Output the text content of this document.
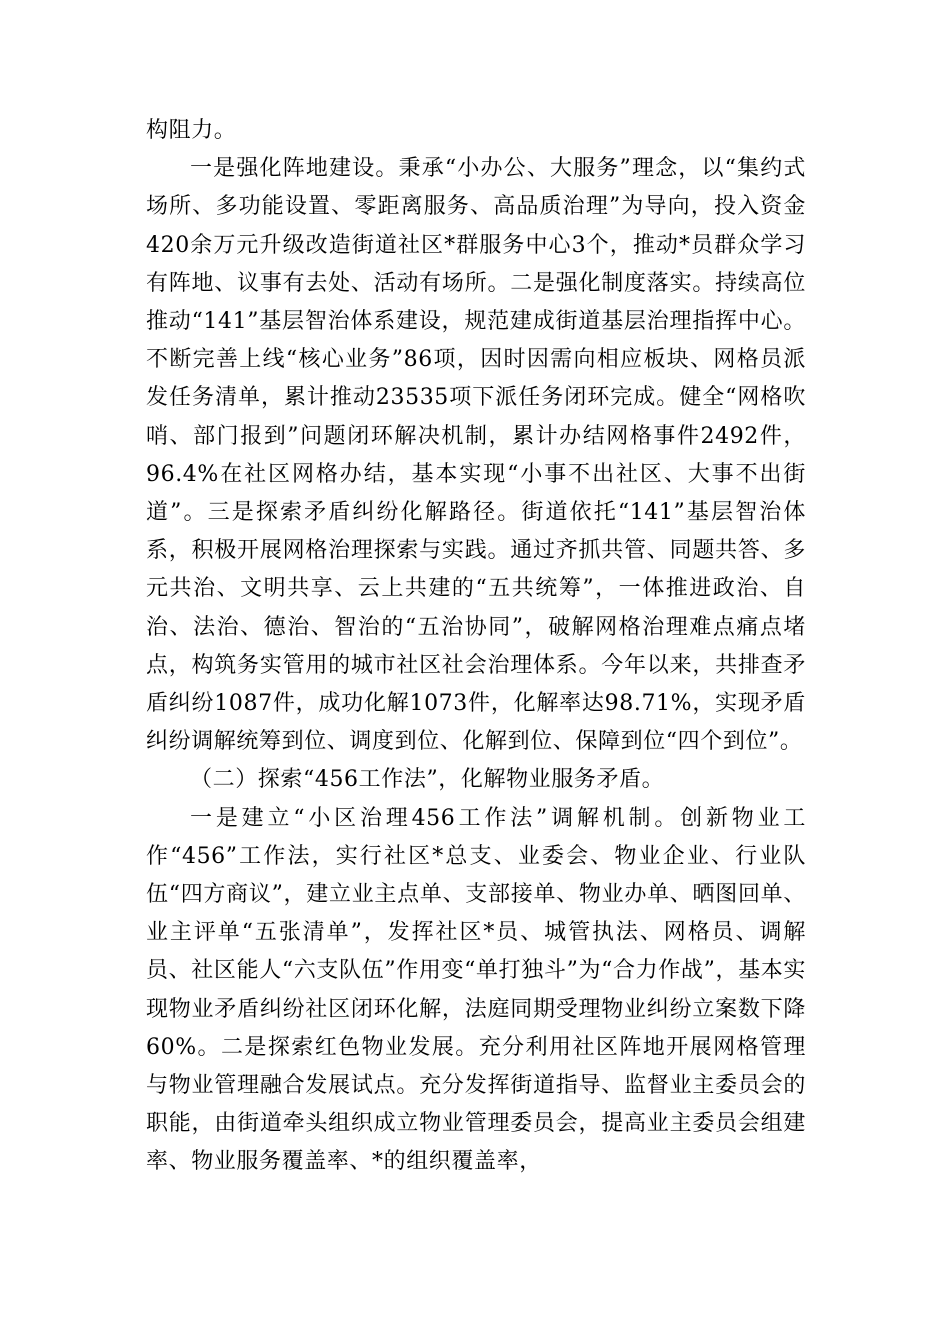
构阻力。

一是强化阵地建设。秉承“小办公、大服务”理念，以“集约式场所、多功能设置、零距离服务、高品质治理”为导向，投入资金420余万元升级改造街道社区*群服务中心3个，推动*员群众学习有阵地、议事有去处、活动有场所。二是强化制度落实。持续高位推动“141”基层智治体系建设，规范建成街道基层治理指挥中心。不断完善上线“核心业务”86项，因时因需向相应板块、网格员派发任务清单，累计推动23535项下派任务闭环完成。健全“网格吹哨、部门报到”问题闭环解决机制，累计办结网格事件2492件，96.4%在社区网格办结，基本实现“小事不出社区、大事不出街道”。三是探索矛盾纠纷化解路径。街道依托“141”基层智治体系，积极开展网格治理探索与实践。通过齐抓共管、同题共答、多元共治、文明共享、云上共建的“五共统筹”，一体推进政治、自治、法治、德治、智治的“五治协同”，破解网格治理难点痛点堵点，构筑务实管用的城市社区社会治理体系。今年以来，共排查矛盾纠纷1087件，成功化解1073件，化解率达98.71%，实现矛盾纠纷调解统筹到位、调度到位、化解到位、保障到位“四个到位”。

（二）探索“456工作法”，化解物业服务矛盾。

一是建立“小区治理456工作法”调解机制。创新物业工作“456”工作法，实行社区*总支、业委会、物业企业、行业队伍“四方商议”，建立业主点单、支部接单、物业办单、晒图回单、业主评单“五张清单”，发挥社区*员、城管执法、网格员、调解员、社区能人“六支队伍”作用变“单打独斗”为“合力作战”，基本实现物业矛盾纠纷社区闭环化解，法庭同期受理物业纠纷立案数下降60%。二是探索红色物业发展。充分利用社区阵地开展网格管理与物业管理融合发展试点。充分发挥街道指导、监督业主委员会的职能，由街道牵头组织成立物业管理委员会，提高业主委员会组建率、物业服务覆盖率、*的组织覆盖率，
